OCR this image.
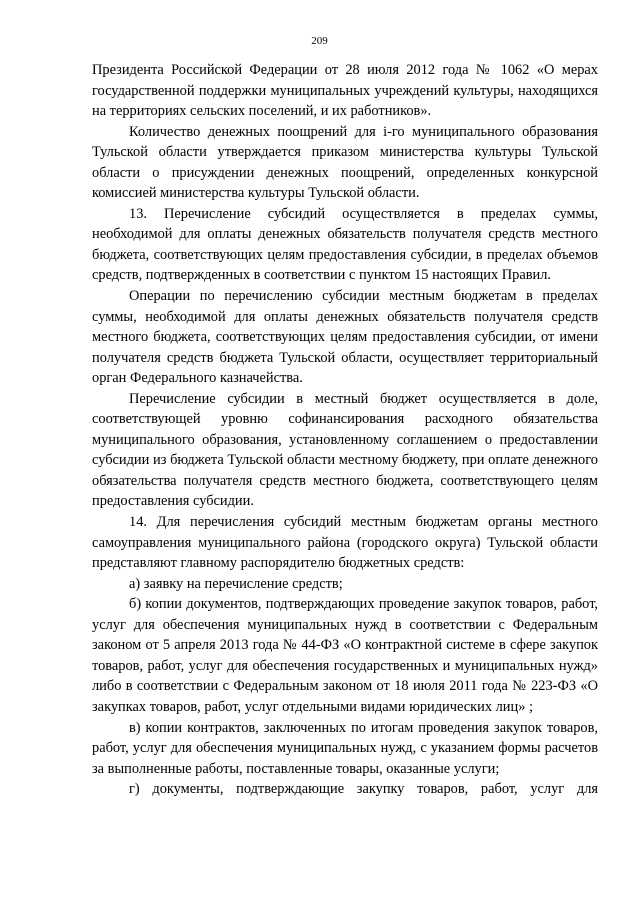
209

Президента Российской Федерации от 28 июля 2012 года № 1062 «О мерах государственной поддержки муниципальных учреждений культуры, находящихся на территориях сельских поселений, и их работников».

Количество денежных поощрений для i-го муниципального образования Тульской области утверждается приказом министерства культуры Тульской области о присуждении денежных поощрений, определенных конкурсной комиссией министерства культуры Тульской области.

13. Перечисление субсидий осуществляется в пределах суммы, необходимой для оплаты денежных обязательств получателя средств местного бюджета, соответствующих целям предоставления субсидии, в пределах объемов средств, подтвержденных в соответствии с пунктом 15 настоящих Правил.

Операции по перечислению субсидии местным бюджетам в пределах суммы, необходимой для оплаты денежных обязательств получателя средств местного бюджета, соответствующих целям предоставления субсидии, от имени получателя средств бюджета Тульской области, осуществляет территориальный орган Федерального казначейства.

Перечисление субсидии в местный бюджет осуществляется в доле, соответствующей уровню софинансирования расходного обязательства муниципального образования, установленному соглашением о предоставлении субсидии из бюджета Тульской области местному бюджету, при оплате денежного обязательства получателя средств местного бюджета, соответствующего целям предоставления субсидии.

14. Для перечисления субсидий местным бюджетам органы местного самоуправления муниципального района (городского округа) Тульской области представляют главному распорядителю бюджетных средств:

а) заявку на перечисление средств;

б) копии документов, подтверждающих проведение закупок товаров, работ, услуг для обеспечения муниципальных нужд в соответствии с Федеральным законом от 5 апреля 2013 года № 44-ФЗ «О контрактной системе в сфере закупок товаров, работ, услуг для обеспечения государственных и муниципальных нужд» либо в соответствии с Федеральным законом от 18 июля 2011 года № 223-ФЗ «О закупках товаров, работ, услуг отдельными видами юридических лиц» ;

в) копии контрактов, заключенных по итогам проведения закупок товаров, работ, услуг для обеспечения муниципальных нужд, с указанием формы расчетов за выполненные работы, поставленные товары, оказанные услуги;

г) документы, подтверждающие закупку товаров, работ, услуг для
